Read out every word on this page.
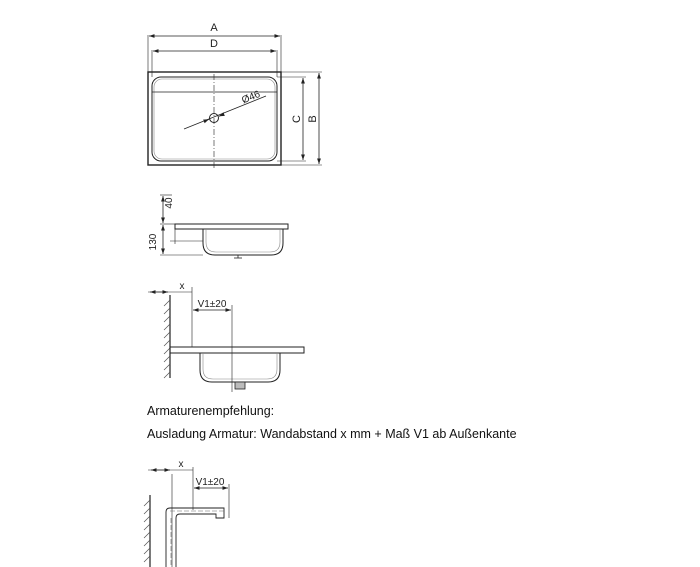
A
D
B
C
Ø46
40
130
x
V1±20
x
V1±20
Armaturenempfehlung:
Ausladung Armatur: Wandabstand x mm + Maß V1 ab Außenkante
